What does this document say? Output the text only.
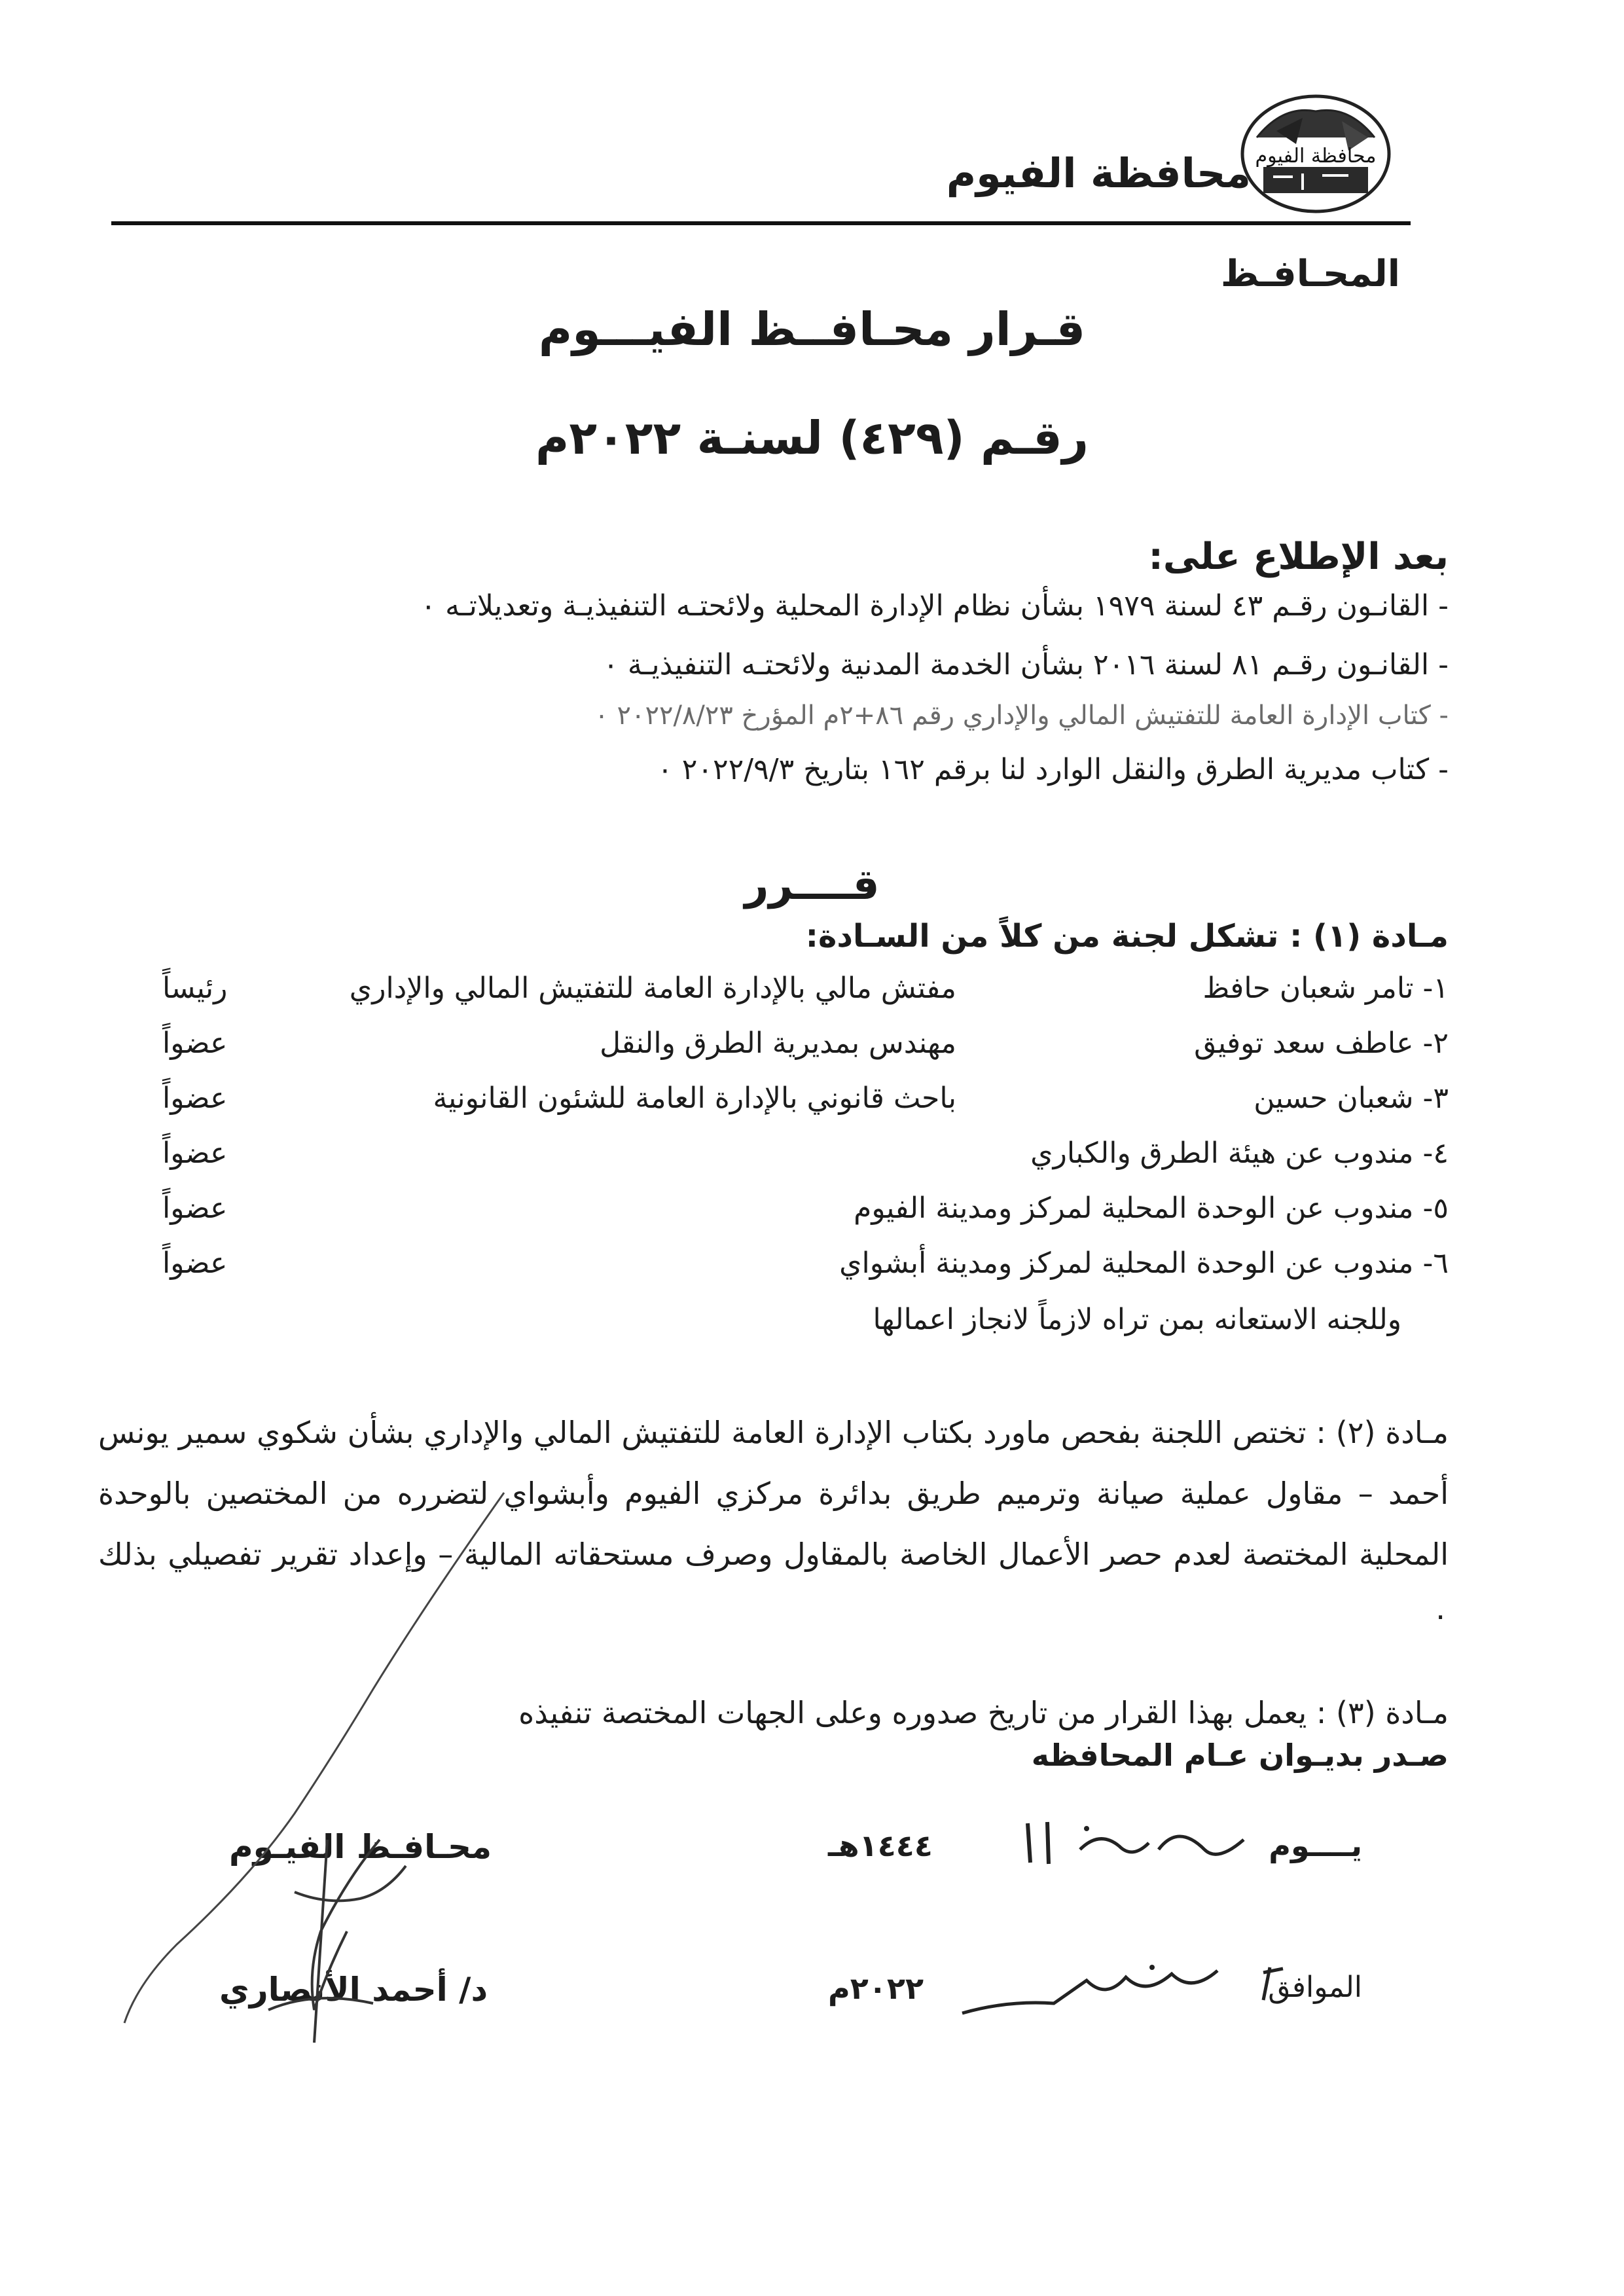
محافظة الفيوم
محافظة الفيوم
المحـافـظ
قـرار محـافــظ الفيـــوم
رقـم (٤٢٩) لسنـة ٢٠٢٢م
بعد الإطلاع على:
- القانـون رقـم ٤٣ لسنة ١٩٧٩ بشأن نظام الإدارة المحلية ولائحتـه التنفيذيـة وتعديلاتـه ٠
- القانـون رقـم ٨١ لسنة ٢٠١٦ بشأن الخدمة المدنية ولائحتـه التنفيذيـة ٠
- كتاب الإدارة العامة للتفتيش المالي والإداري رقم ٨٦+٢م المؤرخ ٢٠٢٢/٨/٢٣ ٠
- كتاب مديرية الطرق والنقل الوارد لنا برقم ١٦٢ بتاريخ ٢٠٢٢/٩/٣ ٠
قــــرر
مـادة (١) : تشكل لجنة من كلاً من السـادة:
١- تامر شعبان حافظ
مفتش مالي بالإدارة العامة للتفتيش المالي والإداري
رئيساً
٢- عاطف سعد توفيق
مهندس بمديرية الطرق والنقل
عضواً
٣- شعبان حسين
باحث قانوني بالإدارة العامة للشئون القانونية
عضواً
٤- مندوب عن هيئة الطرق والكباري
عضواً
٥- مندوب عن الوحدة المحلية لمركز ومدينة الفيوم
عضواً
٦- مندوب عن الوحدة المحلية لمركز ومدينة أبشواي
عضواً
وللجنه الاستعانه بمن تراه لازماً لانجاز اعمالها
مـادة (٢) : تختص اللجنة بفحص ماورد بكتاب الإدارة العامة للتفتيش المالي والإداري بشأن شكوي سمير يونس أحمد – مقاول عملية صيانة وترميم طريق بدائرة مركزي الفيوم وأبشواي لتضرره من المختصين بالوحدة المحلية المختصة لعدم حصر الأعمال الخاصة بالمقاول وصرف مستحقاته المالية – وإعداد تقرير تفصيلي بذلك ٠
مـادة (٣) : يعمل بهذا القرار من تاريخ صدوره وعلى الجهات المختصة تنفيذه
صـدر بديـوان عـام المحافظه
محـافـظ الفيـوم
د/ أحمد الأنصاري
يــــوم
١٤٤٤هـ
الموافق
٢٠٢٢م
